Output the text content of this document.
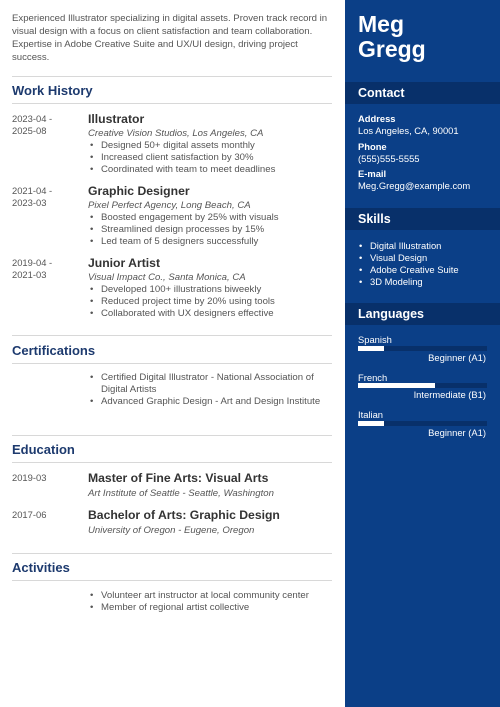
Experienced Illustrator specializing in digital assets. Proven track record in visual design with a focus on client satisfaction and team collaboration. Expertise in Adobe Creative Suite and UX/UI design, driving project success.

Work History
2023-04 -
2025-08
Illustrator
Creative Vision Studios, Los Angeles, CA
• Designed 50+ digital assets monthly
• Increased client satisfaction by 30%
• Coordinated with team to meet deadlines
2021-04 -
2023-03
Graphic Designer
Pixel Perfect Agency, Long Beach, CA
• Boosted engagement by 25% with visuals
• Streamlined design processes by 15%
• Led team of 5 designers successfully
2019-04 -
2021-03
Junior Artist
Visual Impact Co., Santa Monica, CA
• Developed 100+ illustrations biweekly
• Reduced project time by 20% using tools
• Collaborated with UX designers effective
Certifications
• Certified Digital Illustrator - National Association of Digital Artists
• Advanced Graphic Design - Art and Design Institute
Education
2019-03	Master of Fine Arts: Visual Arts
Art Institute of Seattle - Seattle, Washington
2017-06	Bachelor of Arts: Graphic Design
University of Oregon - Eugene, Oregon
Activities
• Volunteer art instructor at local community center
• Member of regional artist collective
Meg
Gregg
Contact
Address
Los Angeles, CA, 90001
Phone
(555)555-5555
E-mail
Meg.Gregg@example.com
Skills
• Digital Illustration
• Visual Design
• Adobe Creative Suite
• 3D Modeling
Languages
Spanish
Beginner (A1)
French
Intermediate (B1)
Italian
Beginner (A1)
